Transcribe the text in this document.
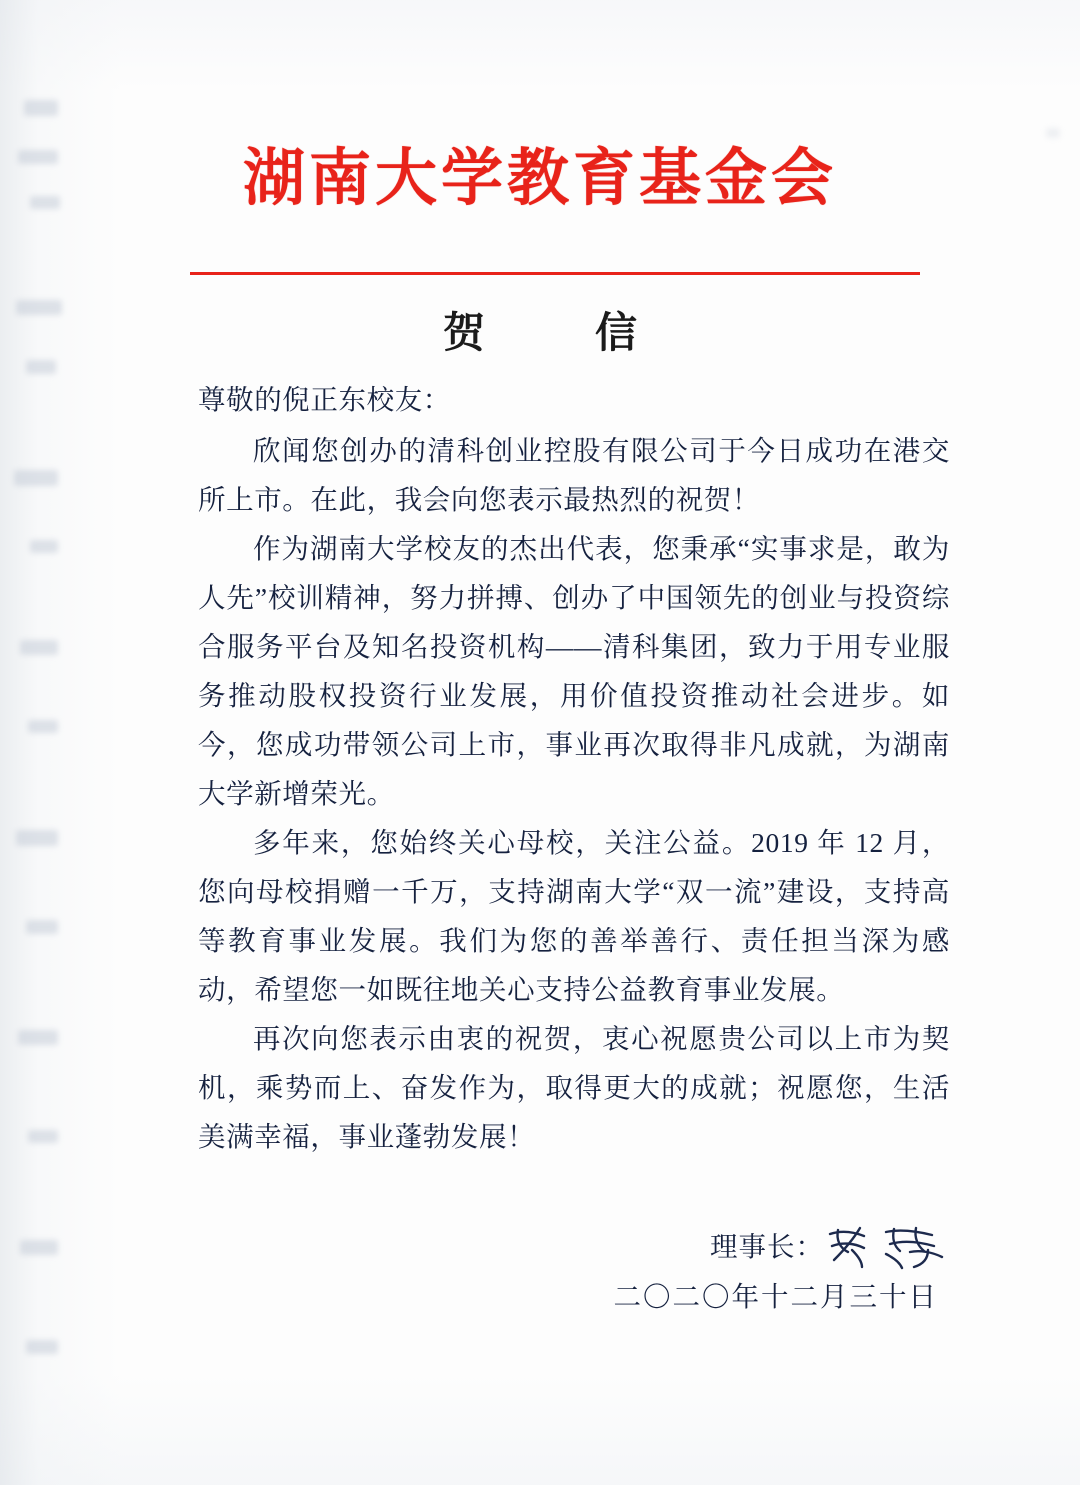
湖南大学教育基金会
贺　信

尊敬的倪正东校友：

欣闻您创办的清科创业控股有限公司于今日成功在港交所上市。在此，我会向您表示最热烈的祝贺！

作为湖南大学校友的杰出代表，您秉承“实事求是，敢为人先”校训精神，努力拼搏、创办了中国领先的创业与投资综合服务平台及知名投资机构——清科集团，致力于用专业服务推动股权投资行业发展，用价值投资推动社会进步。如今，您成功带领公司上市，事业再次取得非凡成就，为湖南大学新增荣光。

多年来，您始终关心母校，关注公益。2019 年 12 月，您向母校捐赠一千万，支持湖南大学“双一流”建设，支持高等教育事业发展。我们为您的善举善行、责任担当深为感动，希望您一如既往地关心支持公益教育事业发展。

再次向您表示由衷的祝贺，衷心祝愿贵公司以上市为契机，乘势而上、奋发作为，取得更大的成就；祝愿您，生活美满幸福，事业蓬勃发展！

理事长：
二〇二〇年十二月三十日
